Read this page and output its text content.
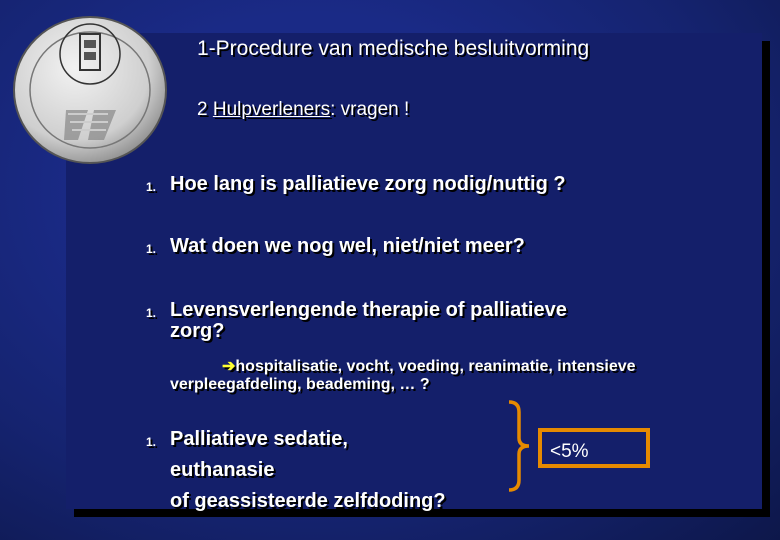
1-Procedure van medische besluitvorming
2 Hulpverleners: vragen !
1. Hoe lang is palliatieve zorg nodig/nuttig ?
1. Wat doen we nog wel, niet/niet meer?
1. Levensverlengende therapie of palliatieve
zorg?
➔hospitalisatie, vocht, voeding, reanimatie, intensieve
verpleegafdeling, beademing, … ?
1. Palliatieve sedatie,
euthanasie
of geassisteerde zelfdoding?
<5%
